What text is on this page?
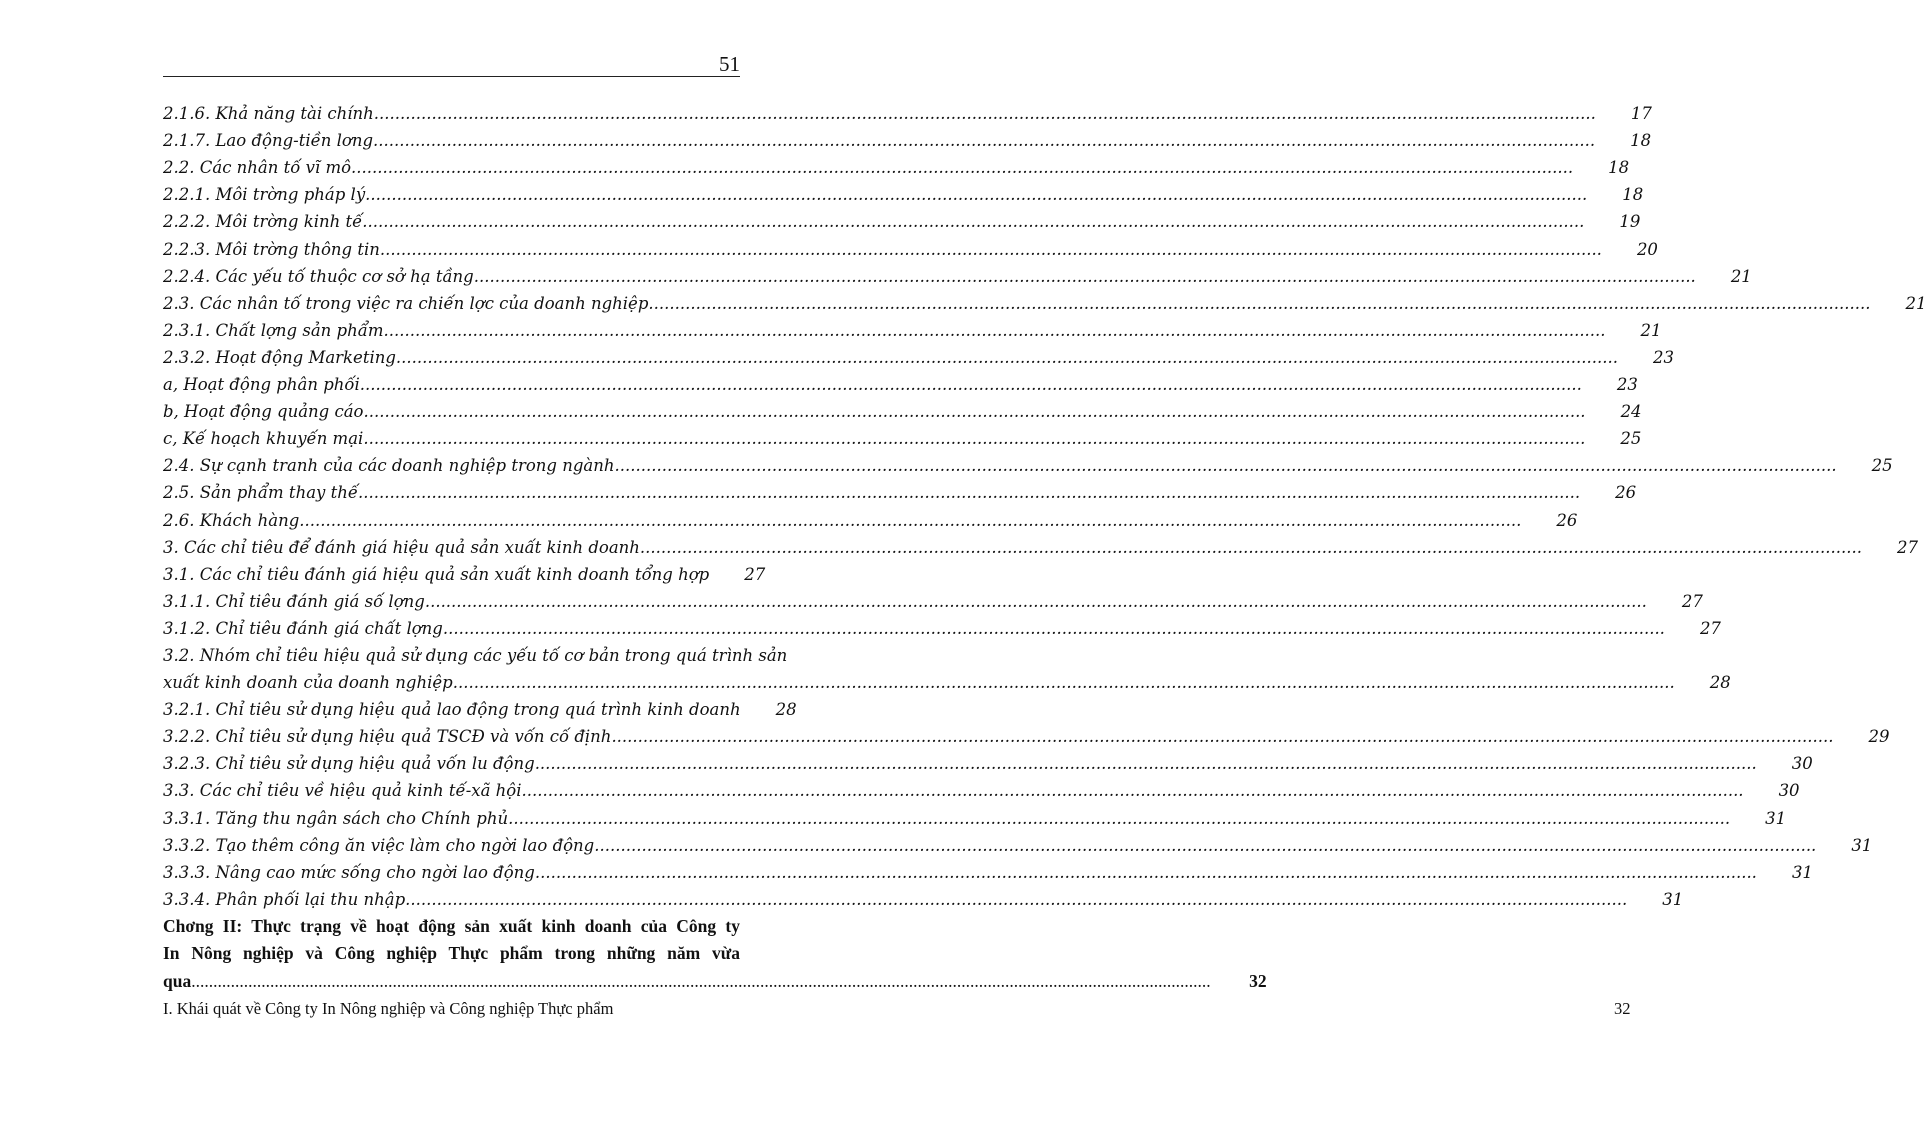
51
2.1.6. Khả năng tài chính .....	17
2.1.7. Lao động-tiền lơng .....	18
2.2. Các nhân tố vĩ mô .....	18
2.2.1. Môi trờng pháp lý .....	18
2.2.2. Môi trờng kinh tế .....	19
2.2.3. Môi trờng thông tin .....	20
2.2.4. Các yếu tố thuộc cơ sở hạ tầng .....	21
2.3. Các nhân tố trong việc ra chiến lợc của doanh nghiệp .....	21
2.3.1. Chất lợng sản phẩm .....	21
2.3.2. Hoạt động Marketing .....	23
a, Hoạt động phân phối .....	23
b, Hoạt động quảng cáo .....	24
c, Kế hoạch khuyến mại .....	25
2.4. Sự cạnh tranh của các doanh nghiệp trong ngành .....	25
2.5. Sản phẩm thay thế .....	26
2.6. Khách hàng .....	26
3. Các chỉ tiêu để đánh giá hiệu quả sản xuất kinh doanh .....	27
3.1. Các chỉ tiêu đánh giá hiệu quả sản xuất kinh doanh tổng hợp	27
3.1.1. Chỉ tiêu đánh giá số lợng .....	27
3.1.2. Chỉ tiêu đánh giá chất lợng .....	27
3.2. Nhóm chỉ tiêu hiệu quả sử dụng các yếu tố cơ bản trong quá trình sản
xuất kinh doanh của doanh nghiệp .....	28
3.2.1. Chỉ tiêu sử dụng hiệu quả lao động trong quá trình kinh doanh	28
3.2.2. Chỉ tiêu sử dụng hiệu quả TSCĐ và vốn cố định .....	29
3.2.3. Chỉ tiêu sử dụng hiệu quả vốn lu động .....	30
3.3. Các chỉ tiêu về hiệu quả kinh tế-xã hội .....	30
3.3.1. Tăng thu ngân sách cho Chính phủ .....	31
3.3.2. Tạo thêm công ăn việc làm cho ngời lao động .....	31
3.3.3. Nâng cao mức sống cho ngời lao động .....	31
3.3.4. Phân phối lại thu nhập .....	31
Chơng II: Thực trạng về hoạt động sản xuất kinh doanh của Công ty
In Nông nghiệp và Công nghiệp Thực phẩm trong những năm vừa
qua .....	32
I. Khái quát về Công ty In Nông nghiệp và Công nghiệp Thực phẩm	32
